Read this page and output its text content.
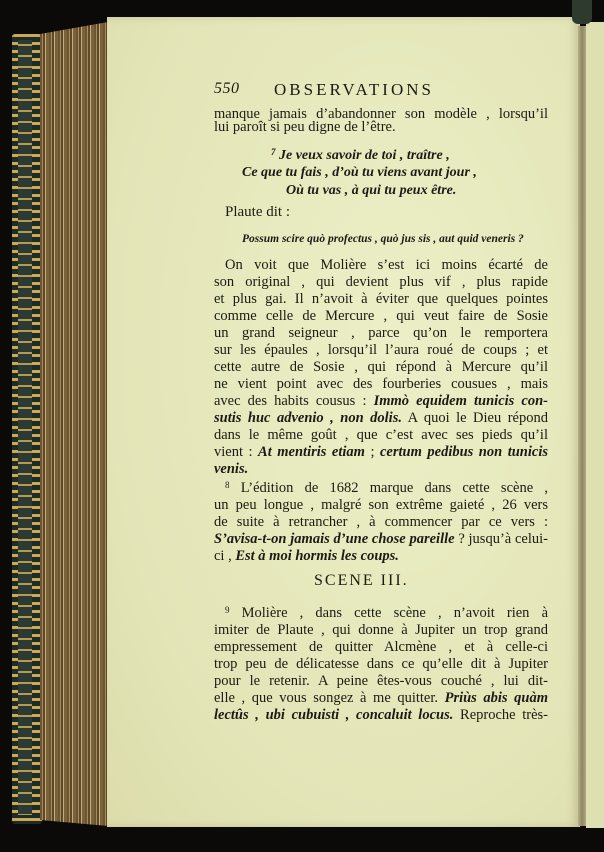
550 OBSERVATIONS
manque jamais d’abandonner son modèle , lorsqu’il
lui paroît si peu digne de l’être.
$^7$ Je veux savoir de toi , traître ,
Ce que tu fais , d’où tu viens avant jour ,
Où tu vas , à qui tu peux être.
Plaute dit :
Possum scire quò profectus , quò jus sis , aut quid veneris ?
On voit que Molière s’est ici moins écarté de
son original , qui devient plus vif , plus rapide
et plus gai. Il n’avoit à éviter que quelques pointes
comme celle de Mercure , qui veut faire de Sosie
un grand seigneur , parce qu’on le remportera
sur les épaules , lorsqu’il l’aura roué de coups ; et
cette autre de Sosie , qui répond à Mercure qu’il
ne vient point avec des fourberies cousues , mais
avec des habits cousus : Immò equidem tunicis con-
sutis huc advenio , non dolis. A quoi le Dieu répond
dans le même goût , que c’est avec ses pieds qu’il
vient : At mentiris etiam ; certum pedibus non tunicis
venis.
$^8$ L’édition de 1682 marque dans cette scène ,
un peu longue , malgré son extrême gaieté , 26 vers
de suite à retrancher , à commencer par ce vers :
S’avisa-t-on jamais d’une chose pareille ? jusqu’à celui-
ci , Est à moi hormis les coups.
SCENE III.
$^9$ Molière , dans cette scène , n’avoit rien à
imiter de Plaute , qui donne à Jupiter un trop grand
empressement de quitter Alcmène , et à celle-ci
trop peu de délicatesse dans ce qu’elle dit à Jupiter
pour le retenir. A peine êtes-vous couché , lui dit-
elle , que vous songez à me quitter. Priùs abis quàm
lectûs , ubi cubuisti , concaluit locus. Reproche très-
